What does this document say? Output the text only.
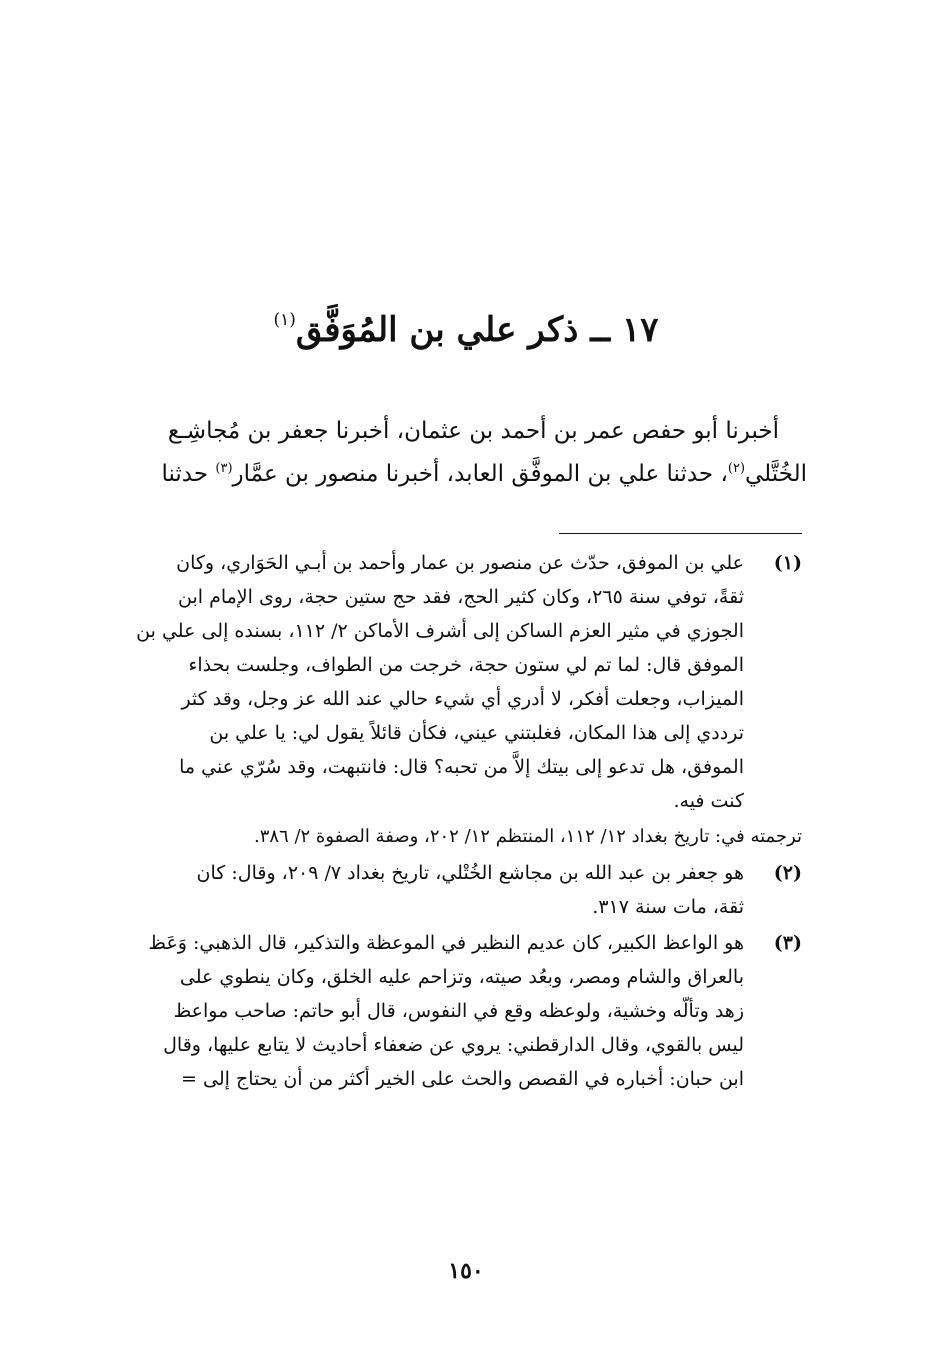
١٧ ــ ذكر علي بن المُوَفَّق$^{(١)}$
أخبرنا أبو حفص عمر بن أحمد بن عثمان، أخبرنا جعفر بن مُجاشِـع
الخُتَّلي$^{(٢)}$، حدثنا علي بن الموفَّق العابد، أخبرنا منصور بن عمَّار$^{(٣)}$ حدثنا
(١)
علي بن الموفق، حدّث عن منصور بن عمار وأحمد بن أبـي الحَوَاري، وكان
ثقةً، توفي سنة ٢٦٥، وكان كثير الحج، فقد حج ستين حجة، روى الإمام ابن
الجوزي في مثير العزم الساكن إلى أشرف الأماكن ٢/ ١١٢، بسنده إلى علي بن
الموفق قال: لما تم لي ستون حجة، خرجت من الطواف، وجلست بحذاء
الميزاب، وجعلت أفكر، لا أدري أي شيء حالي عند الله عز وجل، وقد كثر
ترددي إلى هذا المكان، فغلبتني عيني، فكأن قائلاً يقول لي: يا علي بن
الموفق، هل تدعو إلى بيتك إلاَّ من تحبه؟ قال: فانتبهت، وقد سُرّي عني ما
كنت فيه.
ترجمته في: تاريخ بغداد ١٢/ ١١٢، المنتظم ١٢/ ٢٠٢، وصفة الصفوة ٢/ ٣٨٦.
(٢)
هو جعفر بن عبد الله بن مجاشع الخُتْلي، تاريخ بغداد ٧/ ٢٠٩، وقال: كان
ثقة، مات سنة ٣١٧.
(٣)
هو الواعظ الكبير، كان عديم النظير في الموعظة والتذكير، قال الذهبي: وَعَظ
بالعراق والشام ومصر، وبعُد صيته، وتزاحم عليه الخلق، وكان ينطوي على
زهد وتألّه وخشية، ولوعظه وقع في النفوس، قال أبو حاتم: صاحب مواعظ
ليس بالقوي، وقال الدارقطني: يروي عن ضعفاء أحاديث لا يتابع عليها، وقال
ابن حبان: أخباره في القصص والحث على الخير أكثر من أن يحتاج إلى =
١٥٠
